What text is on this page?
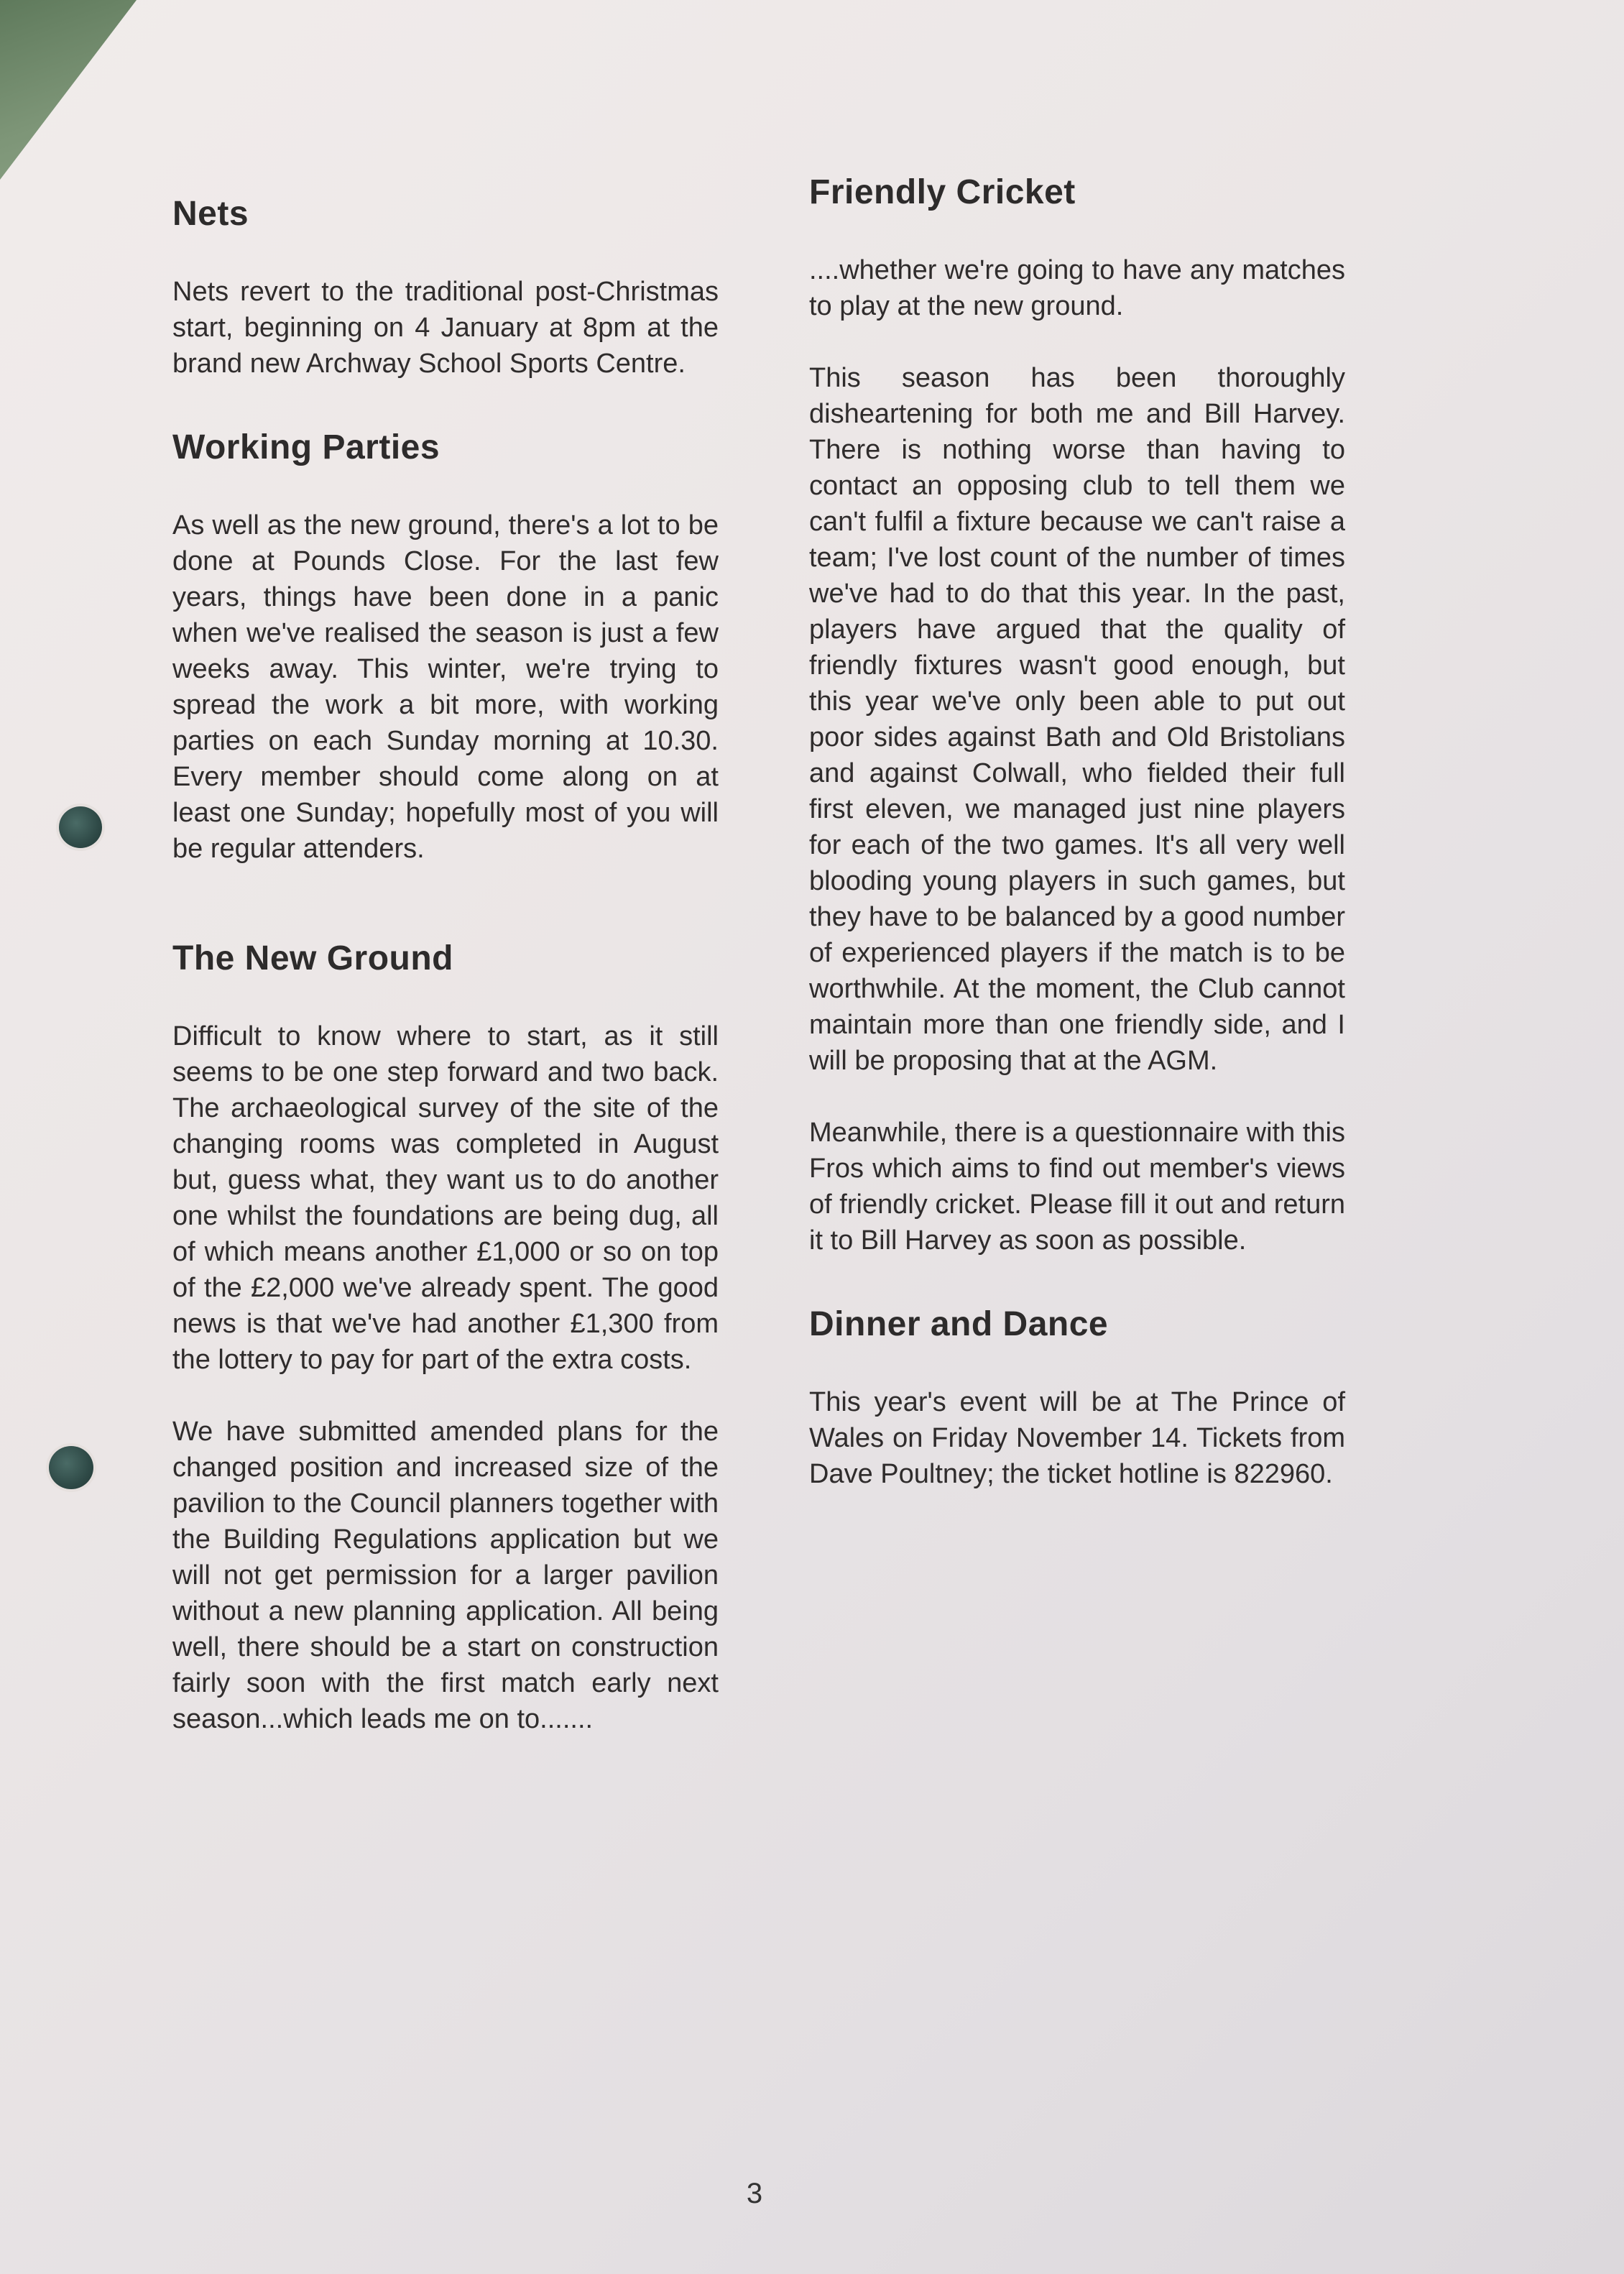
Nets

Nets revert to the traditional post-Christmas start, beginning on 4 January at 8pm at the brand new Archway School Sports Centre.

Working Parties

As well as the new ground, there's a lot to be done at Pounds Close. For the last few years, things have been done in a panic when we've realised the season is just a few weeks away. This winter, we're trying to spread the work a bit more, with working parties on each Sunday morning at 10.30. Every member should come along on at least one Sunday; hopefully most of you will be regular attenders.

The New Ground

Difficult to know where to start, as it still seems to be one step forward and two back. The archaeological survey of the site of the changing rooms was completed in August but, guess what, they want us to do another one whilst the foundations are being dug, all of which means another £1,000 or so on top of the £2,000 we've already spent. The good news is that we've had another £1,300 from the lottery to pay for part of the extra costs.

We have submitted amended plans for the changed position and increased size of the pavilion to the Council planners together with the Building Regulations application but we will not get permission for a larger pavilion without a new planning application. All being well, there should be a start on construction fairly soon with the first match early next season...which leads me on to.......

Friendly Cricket

....whether we're going to have any matches to play at the new ground.

This season has been thoroughly disheartening for both me and Bill Harvey. There is nothing worse than having to contact an opposing club to tell them we can't fulfil a fixture because we can't raise a team; I've lost count of the number of times we've had to do that this year. In the past, players have argued that the quality of friendly fixtures wasn't good enough, but this year we've only been able to put out poor sides against Bath and Old Bristolians and against Colwall, who fielded their full first eleven, we managed just nine players for each of the two games. It's all very well blooding young players in such games, but they have to be balanced by a good number of experienced players if the match is to be worthwhile. At the moment, the Club cannot maintain more than one friendly side, and I will be proposing that at the AGM.

Meanwhile, there is a questionnaire with this Fros which aims to find out member's views of friendly cricket. Please fill it out and return it to Bill Harvey as soon as possible.

Dinner and Dance

This year's event will be at The Prince of Wales on Friday November 14. Tickets from Dave Poultney; the ticket hotline is 822960.

3
